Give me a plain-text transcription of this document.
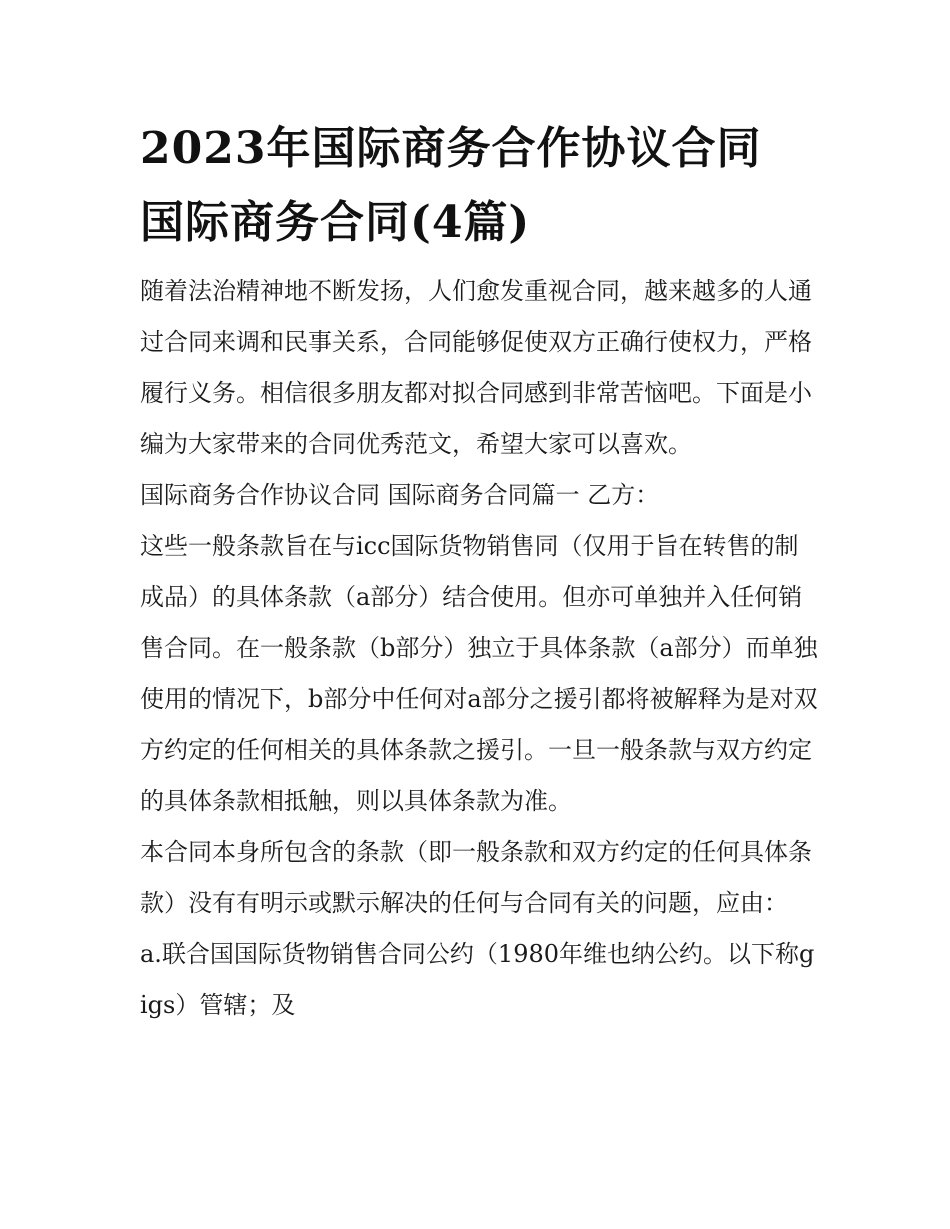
2023年国际商务合作协议合同 国际商务合同(4篇)

随着法治精神地不断发扬，人们愈发重视合同，越来越多的人通过合同来调和民事关系，合同能够促使双方正确行使权力，严格履行义务。相信很多朋友都对拟合同感到非常苦恼吧。下面是小编为大家带来的合同优秀范文，希望大家可以喜欢。

国际商务合作协议合同 国际商务合同篇一 乙方：

这些一般条款旨在与icc国际货物销售同（仅用于旨在转售的制成品）的具体条款（a部分）结合使用。但亦可单独并入任何销售合同。在一般条款（b部分）独立于具体条款（a部分）而单独使用的情况下，b部分中任何对a部分之援引都将被解释为是对双方约定的任何相关的具体条款之援引。一旦一般条款与双方约定的具体条款相抵触，则以具体条款为准。

本合同本身所包含的条款（即一般条款和双方约定的任何具体条款）没有有明示或默示解决的任何与合同有关的问题，应由：

a.联合国国际货物销售合同公约（1980年维也纳公约。以下称gigs）管辖；及
